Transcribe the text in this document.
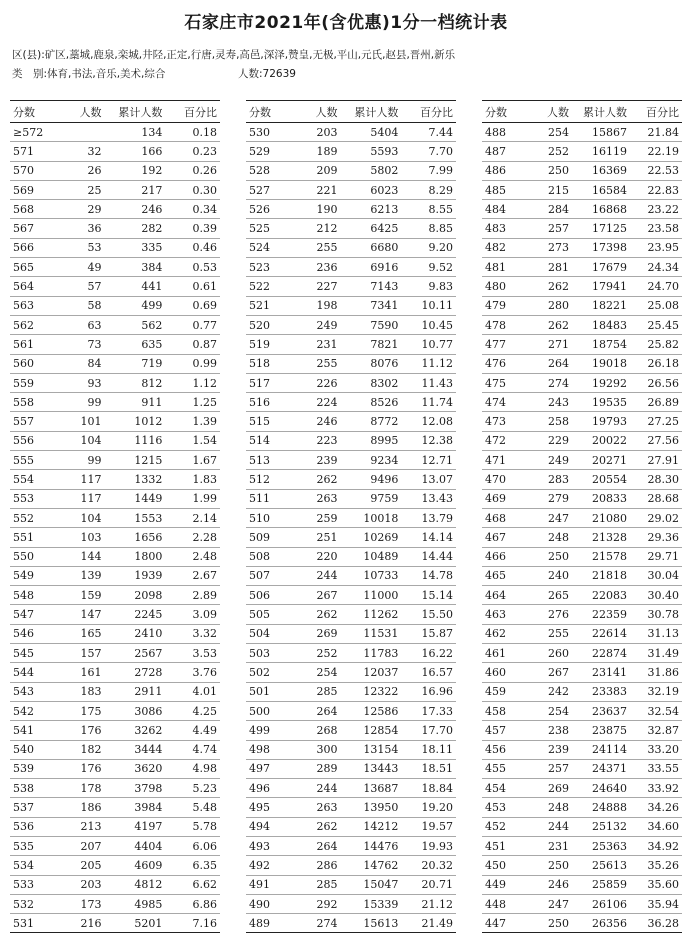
石家庄市2021年(含优惠)1分一档统计表
区(县):矿区,藁城,鹿泉,栾城,井陉,正定,行唐,灵寿,高邑,深泽,赞皇,无极,平山,元氏,赵县,晋州,新乐
类　别:体育,书法,音乐,美术,综合	人数:72639
分数	人数	累计人数	百分比
≥572		134	0.18
571	32	166	0.23
570	26	192	0.26
569	25	217	0.30
568	29	246	0.34
567	36	282	0.39
566	53	335	0.46
565	49	384	0.53
564	57	441	0.61
563	58	499	0.69
562	63	562	0.77
561	73	635	0.87
560	84	719	0.99
559	93	812	1.12
558	99	911	1.25
557	101	1012	1.39
556	104	1116	1.54
555	99	1215	1.67
554	117	1332	1.83
553	117	1449	1.99
552	104	1553	2.14
551	103	1656	2.28
550	144	1800	2.48
549	139	1939	2.67
548	159	2098	2.89
547	147	2245	3.09
546	165	2410	3.32
545	157	2567	3.53
544	161	2728	3.76
543	183	2911	4.01
542	175	3086	4.25
541	176	3262	4.49
540	182	3444	4.74
539	176	3620	4.98
538	178	3798	5.23
537	186	3984	5.48
536	213	4197	5.78
535	207	4404	6.06
534	205	4609	6.35
533	203	4812	6.62
532	173	4985	6.86
531	216	5201	7.16
分数	人数	累计人数	百分比
530	203	5404	7.44
529	189	5593	7.70
528	209	5802	7.99
527	221	6023	8.29
526	190	6213	8.55
525	212	6425	8.85
524	255	6680	9.20
523	236	6916	9.52
522	227	7143	9.83
521	198	7341	10.11
520	249	7590	10.45
519	231	7821	10.77
518	255	8076	11.12
517	226	8302	11.43
516	224	8526	11.74
515	246	8772	12.08
514	223	8995	12.38
513	239	9234	12.71
512	262	9496	13.07
511	263	9759	13.43
510	259	10018	13.79
509	251	10269	14.14
508	220	10489	14.44
507	244	10733	14.78
506	267	11000	15.14
505	262	11262	15.50
504	269	11531	15.87
503	252	11783	16.22
502	254	12037	16.57
501	285	12322	16.96
500	264	12586	17.33
499	268	12854	17.70
498	300	13154	18.11
497	289	13443	18.51
496	244	13687	18.84
495	263	13950	19.20
494	262	14212	19.57
493	264	14476	19.93
492	286	14762	20.32
491	285	15047	20.71
490	292	15339	21.12
489	274	15613	21.49
分数	人数	累计人数	百分比
488	254	15867	21.84
487	252	16119	22.19
486	250	16369	22.53
485	215	16584	22.83
484	284	16868	23.22
483	257	17125	23.58
482	273	17398	23.95
481	281	17679	24.34
480	262	17941	24.70
479	280	18221	25.08
478	262	18483	25.45
477	271	18754	25.82
476	264	19018	26.18
475	274	19292	26.56
474	243	19535	26.89
473	258	19793	27.25
472	229	20022	27.56
471	249	20271	27.91
470	283	20554	28.30
469	279	20833	28.68
468	247	21080	29.02
467	248	21328	29.36
466	250	21578	29.71
465	240	21818	30.04
464	265	22083	30.40
463	276	22359	30.78
462	255	22614	31.13
461	260	22874	31.49
460	267	23141	31.86
459	242	23383	32.19
458	254	23637	32.54
457	238	23875	32.87
456	239	24114	33.20
455	257	24371	33.55
454	269	24640	33.92
453	248	24888	34.26
452	244	25132	34.60
451	231	25363	34.92
450	250	25613	35.26
449	246	25859	35.60
448	247	26106	35.94
447	250	26356	36.28
